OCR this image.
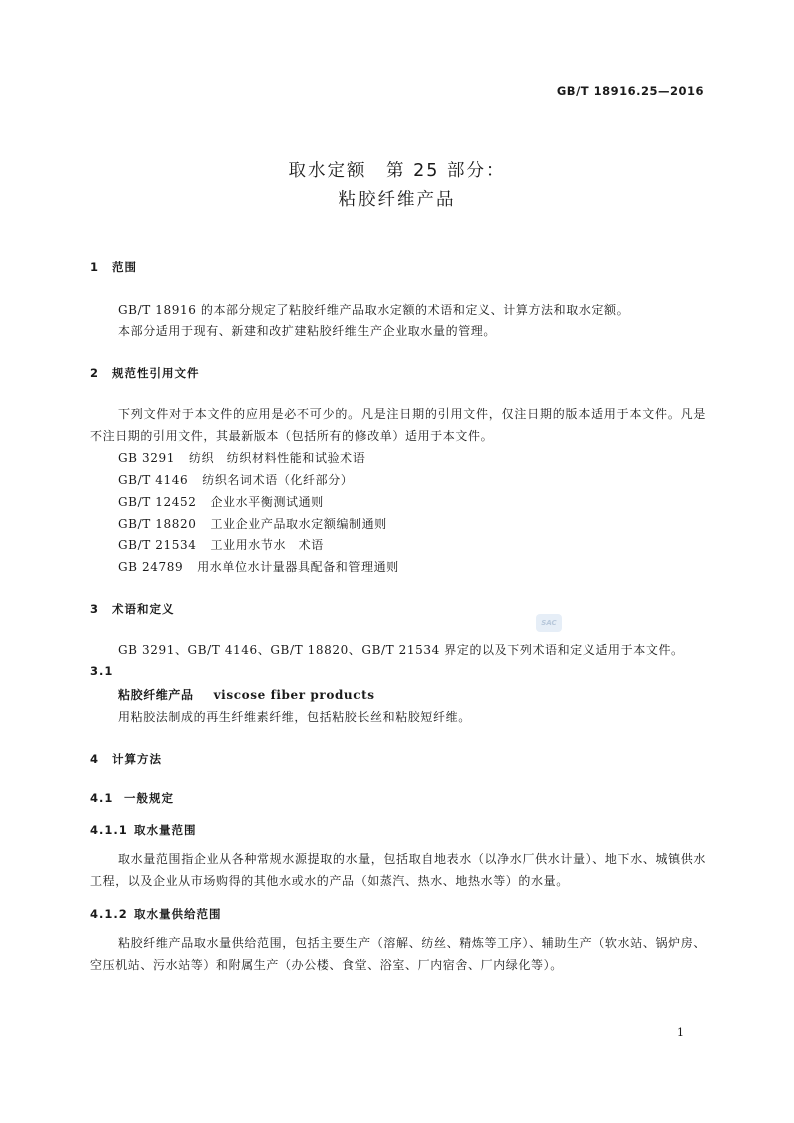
GB/T 18916.25—2016
取水定额　第 25 部分：
粘胶纤维产品
1 范围
GB/T 18916 的本部分规定了粘胶纤维产品取水定额的术语和定义、计算方法和取水定额。
本部分适用于现有、新建和改扩建粘胶纤维生产企业取水量的管理。
2 规范性引用文件
下列文件对于本文件的应用是必不可少的。凡是注日期的引用文件，仅注日期的版本适用于本文件。凡是不注日期的引用文件，其最新版本（包括所有的修改单）适用于本文件。
GB 3291 纺织　纺织材料性能和试验术语
GB/T 4146 纺织名词术语（化纤部分）
GB/T 12452 企业水平衡测试通则
GB/T 18820 工业企业产品取水定额编制通则
GB/T 21534 工业用水节水　术语
GB 24789 用水单位水计量器具配备和管理通则
3 术语和定义
SAC
GB 3291、GB/T 4146、GB/T 18820、GB/T 21534 界定的以及下列术语和定义适用于本文件。
3.1
粘胶纤维产品 viscose fiber products
用粘胶法制成的再生纤维素纤维，包括粘胶长丝和粘胶短纤维。
4 计算方法
4.1 一般规定
4.1.1 取水量范围
取水量范围指企业从各种常规水源提取的水量，包括取自地表水（以净水厂供水计量）、地下水、城镇供水工程，以及企业从市场购得的其他水或水的产品（如蒸汽、热水、地热水等）的水量。
4.1.2 取水量供给范围
粘胶纤维产品取水量供给范围，包括主要生产（溶解、纺丝、精炼等工序）、辅助生产（软水站、锅炉房、空压机站、污水站等）和附属生产（办公楼、食堂、浴室、厂内宿舍、厂内绿化等）。
1
